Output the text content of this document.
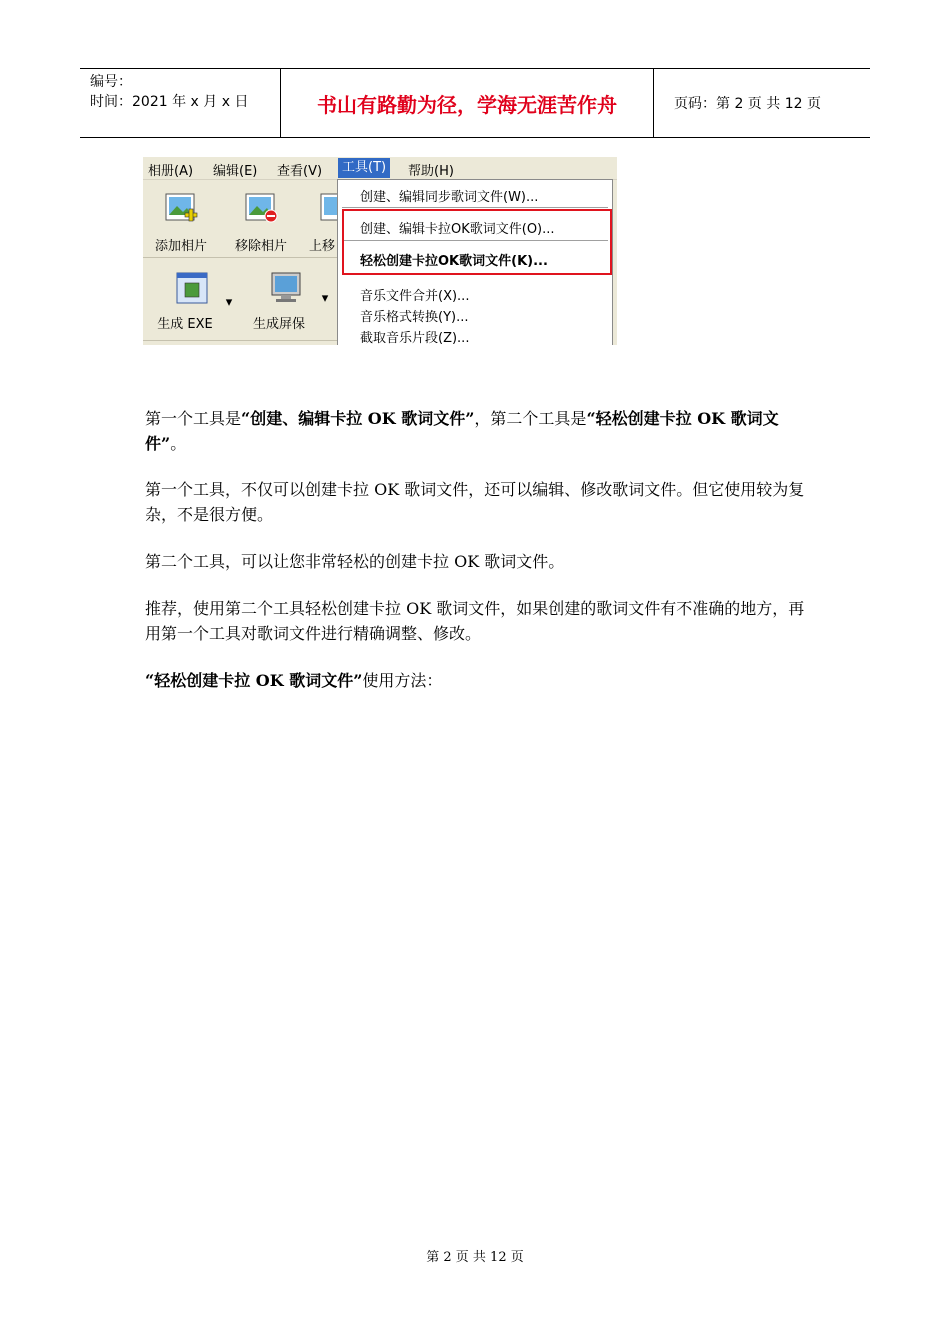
编号：
时间：2021 年 x 月 x 日	书山有路勤为径，学海无涯苦作舟	页码：第 2 页 共 12 页
相册(A) 编辑(E) 查看(V)	工具(T)	帮助(H)
添加相片	移除相片	上移
生成 EXE
▾
生成屏保
▾
创建、编辑同步歌词文件(W)...
创建、编辑卡拉OK歌词文件(O)...
轻松创建卡拉OK歌词文件(K)...
音乐文件合并(X)...
音乐格式转换(Y)...
截取音乐片段(Z)...
第一个工具是“创建、编辑卡拉 OK 歌词文件”，第二个工具是“轻松创建卡拉 OK 歌词文件”。
第一个工具，不仅可以创建卡拉 OK 歌词文件，还可以编辑、修改歌词文件。但它使用较为复杂，不是很方便。
第二个工具，可以让您非常轻松的创建卡拉 OK 歌词文件。
推荐，使用第二个工具轻松创建卡拉 OK 歌词文件，如果创建的歌词文件有不准确的地方，再用第一个工具对歌词文件进行精确调整、修改。
“轻松创建卡拉 OK 歌词文件”使用方法：
第 2 页 共 12 页
